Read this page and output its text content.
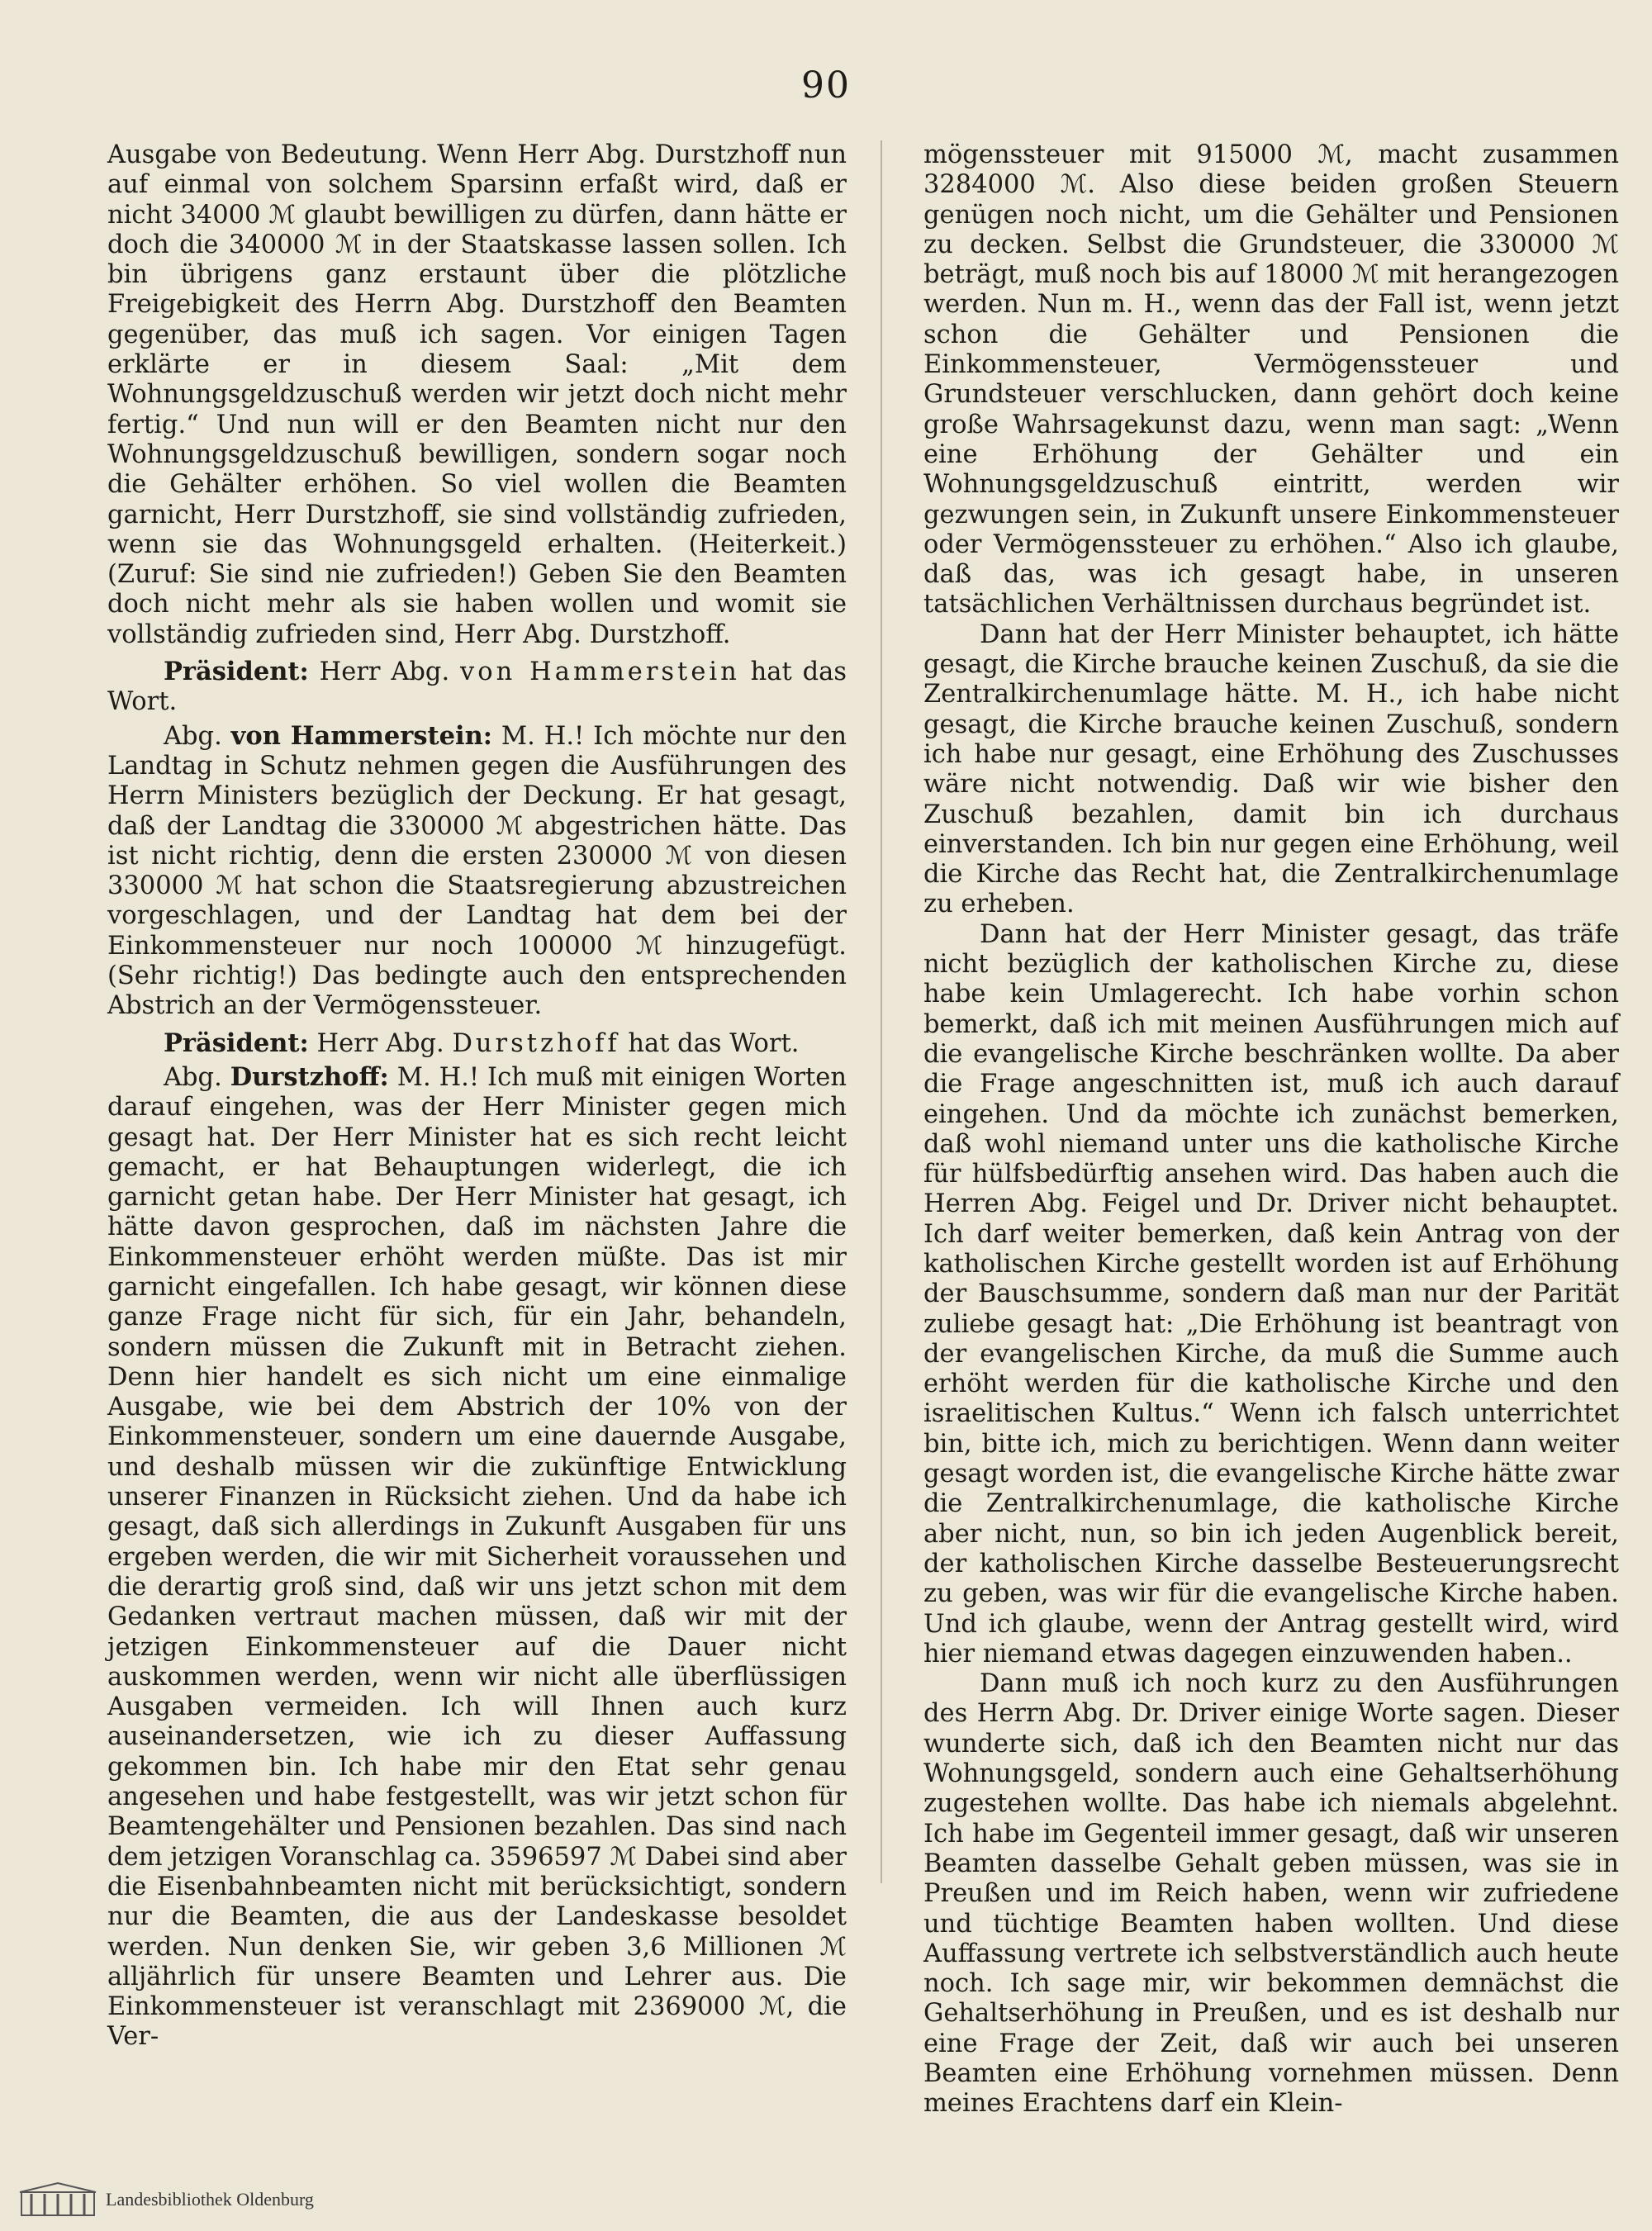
90

Ausgabe von Bedeutung. Wenn Herr Abg. Durstzhoff nun auf einmal von solchem Sparsinn erfaßt wird, daß er nicht 34000 ℳ glaubt bewilligen zu dürfen, dann hätte er doch die 340000 ℳ in der Staatskasse lassen sollen. Ich bin übrigens ganz erstaunt über die plötzliche Freigebigkeit des Herrn Abg. Durstzhoff den Beamten gegenüber, das muß ich sagen. Vor einigen Tagen erklärte er in diesem Saal: „Mit dem Wohnungsgeldzuschuß werden wir jetzt doch nicht mehr fertig.“ Und nun will er den Beamten nicht nur den Wohnungsgeldzuschuß bewilligen, sondern sogar noch die Gehälter erhöhen. So viel wollen die Beamten garnicht, Herr Durstzhoff, sie sind vollständig zufrieden, wenn sie das Wohnungsgeld erhalten. (Heiterkeit.) (Zuruf: Sie sind nie zufrieden!) Geben Sie den Beamten doch nicht mehr als sie haben wollen und womit sie vollständig zufrieden sind, Herr Abg. Durstzhoff.

Präsident: Herr Abg. von Hammerstein hat das Wort.

Abg. von Hammerstein: M. H.! Ich möchte nur den Landtag in Schutz nehmen gegen die Ausführungen des Herrn Ministers bezüglich der Deckung. Er hat gesagt, daß der Landtag die 330000 ℳ abgestrichen hätte. Das ist nicht richtig, denn die ersten 230000 ℳ von diesen 330000 ℳ hat schon die Staatsregierung abzustreichen vorgeschlagen, und der Landtag hat dem bei der Einkommensteuer nur noch 100000 ℳ hinzugefügt. (Sehr richtig!) Das bedingte auch den entsprechenden Abstrich an der Vermögenssteuer.

Präsident: Herr Abg. Durstzhoff hat das Wort.

Abg. Durstzhoff: M. H.! Ich muß mit einigen Worten darauf eingehen, was der Herr Minister gegen mich gesagt hat. Der Herr Minister hat es sich recht leicht gemacht, er hat Behauptungen widerlegt, die ich garnicht getan habe. Der Herr Minister hat gesagt, ich hätte davon gesprochen, daß im nächsten Jahre die Einkommensteuer erhöht werden müßte. Das ist mir garnicht eingefallen. Ich habe gesagt, wir können diese ganze Frage nicht für sich, für ein Jahr, behandeln, sondern müssen die Zukunft mit in Betracht ziehen. Denn hier handelt es sich nicht um eine einmalige Ausgabe, wie bei dem Abstrich der 10% von der Einkommensteuer, sondern um eine dauernde Ausgabe, und deshalb müssen wir die zukünftige Entwicklung unserer Finanzen in Rücksicht ziehen. Und da habe ich gesagt, daß sich allerdings in Zukunft Ausgaben für uns ergeben werden, die wir mit Sicherheit voraussehen und die derartig groß sind, daß wir uns jetzt schon mit dem Gedanken vertraut machen müssen, daß wir mit der jetzigen Einkommensteuer auf die Dauer nicht auskommen werden, wenn wir nicht alle überflüssigen Ausgaben vermeiden. Ich will Ihnen auch kurz auseinandersetzen, wie ich zu dieser Auffassung gekommen bin. Ich habe mir den Etat sehr genau angesehen und habe festgestellt, was wir jetzt schon für Beamtengehälter und Pensionen bezahlen. Das sind nach dem jetzigen Voranschlag ca. 3596597 ℳ Dabei sind aber die Eisenbahnbeamten nicht mit berücksichtigt, sondern nur die Beamten, die aus der Landeskasse besoldet werden. Nun denken Sie, wir geben 3,6 Millionen ℳ alljährlich für unsere Beamten und Lehrer aus. Die Einkommensteuer ist veranschlagt mit 2369000 ℳ, die Ver-

mögenssteuer mit 915000 ℳ, macht zusammen 3284000 ℳ. Also diese beiden großen Steuern genügen noch nicht, um die Gehälter und Pensionen zu decken. Selbst die Grundsteuer, die 330000 ℳ beträgt, muß noch bis auf 18000 ℳ mit herangezogen werden. Nun m. H., wenn das der Fall ist, wenn jetzt schon die Gehälter und Pensionen die Einkommensteuer, Vermögenssteuer und Grundsteuer verschlucken, dann gehört doch keine große Wahrsagekunst dazu, wenn man sagt: „Wenn eine Erhöhung der Gehälter und ein Wohnungsgeldzuschuß eintritt, werden wir gezwungen sein, in Zukunft unsere Einkommensteuer oder Vermögenssteuer zu erhöhen.“ Also ich glaube, daß das, was ich gesagt habe, in unseren tatsächlichen Verhältnissen durchaus begründet ist.

Dann hat der Herr Minister behauptet, ich hätte gesagt, die Kirche brauche keinen Zuschuß, da sie die Zentralkirchenumlage hätte. M. H., ich habe nicht gesagt, die Kirche brauche keinen Zuschuß, sondern ich habe nur gesagt, eine Erhöhung des Zuschusses wäre nicht notwendig. Daß wir wie bisher den Zuschuß bezahlen, damit bin ich durchaus einverstanden. Ich bin nur gegen eine Erhöhung, weil die Kirche das Recht hat, die Zentralkirchenumlage zu erheben.

Dann hat der Herr Minister gesagt, das träfe nicht bezüglich der katholischen Kirche zu, diese habe kein Umlagerecht. Ich habe vorhin schon bemerkt, daß ich mit meinen Ausführungen mich auf die evangelische Kirche beschränken wollte. Da aber die Frage angeschnitten ist, muß ich auch darauf eingehen. Und da möchte ich zunächst bemerken, daß wohl niemand unter uns die katholische Kirche für hülfsbedürftig ansehen wird. Das haben auch die Herren Abg. Feigel und Dr. Driver nicht behauptet. Ich darf weiter bemerken, daß kein Antrag von der katholischen Kirche gestellt worden ist auf Erhöhung der Bauschsumme, sondern daß man nur der Parität zuliebe gesagt hat: „Die Erhöhung ist beantragt von der evangelischen Kirche, da muß die Summe auch erhöht werden für die katholische Kirche und den israelitischen Kultus.“ Wenn ich falsch unterrichtet bin, bitte ich, mich zu berichtigen. Wenn dann weiter gesagt worden ist, die evangelische Kirche hätte zwar die Zentralkirchenumlage, die katholische Kirche aber nicht, nun, so bin ich jeden Augenblick bereit, der katholischen Kirche dasselbe Besteuerungsrecht zu geben, was wir für die evangelische Kirche haben. Und ich glaube, wenn der Antrag gestellt wird, wird hier niemand etwas dagegen einzuwenden haben..

Dann muß ich noch kurz zu den Ausführungen des Herrn Abg. Dr. Driver einige Worte sagen. Dieser wunderte sich, daß ich den Beamten nicht nur das Wohnungsgeld, sondern auch eine Gehaltserhöhung zugestehen wollte. Das habe ich niemals abgelehnt. Ich habe im Gegenteil immer gesagt, daß wir unseren Beamten dasselbe Gehalt geben müssen, was sie in Preußen und im Reich haben, wenn wir zufriedene und tüchtige Beamten haben wollten. Und diese Auffassung vertrete ich selbstverständlich auch heute noch. Ich sage mir, wir bekommen demnächst die Gehaltserhöhung in Preußen, und es ist deshalb nur eine Frage der Zeit, daß wir auch bei unseren Beamten eine Erhöhung vornehmen müssen. Denn meines Erachtens darf ein Klein-

Landesbibliothek Oldenburg
